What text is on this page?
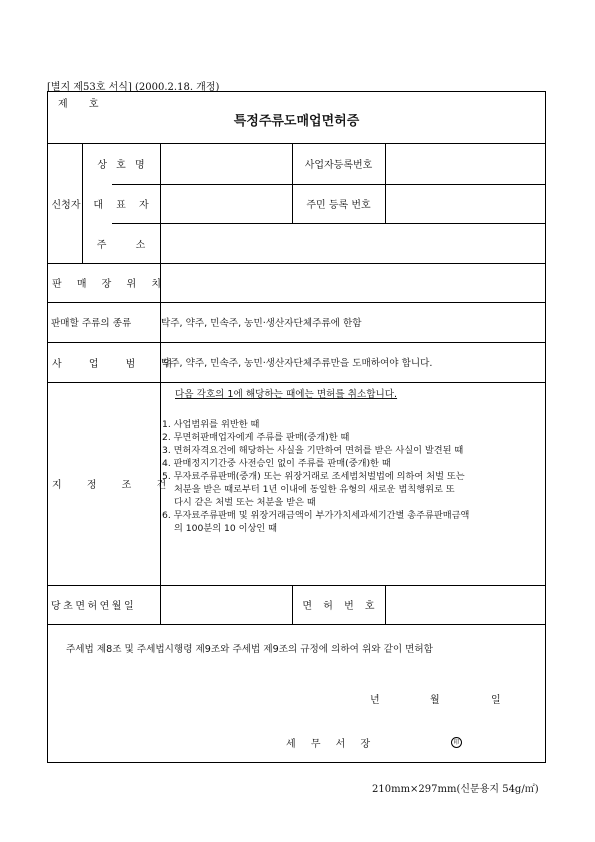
[별지 제53호 서식] (2000.2.18. 개정)
제 호
특정주류도매업면허증
신청자
상 호 명	사업자등록번호
대 표 자	주민 등록 번호
주 소
판 매 장 위 치
판매할 주류의 종류	탁주, 약주, 민속주, 농민·생산자단체주류에 한함
사 업 범 위
탁주, 약주, 민속주, 농민·생산자단체주류만을 도매하여야 합니다.
지 정 조 건
다음 각호의 1에 해당하는 때에는 면허를 취소합니다.
1. 사업범위를 위반한 때
2. 무면허판매업자에게 주류를 판매(중개)한 때
3. 면허자격요건에 해당하는 사실을 기만하여 면허를 받은 사실이 발견된 때
4. 판매정지기간중 사전승인 없이 주류를 판매(중개)한 때
5. 무자료주류판매(중개) 또는 위장거래로 조세범처벌법에 의하여 처벌 또는
처분을 받은 때로부터 1년 이내에 동일한 유형의 새로운 범칙행위로 또
다시 같은 처벌 또는 처분을 받은 때
6. 무자료주류판매 및 위장거래금액이 부가가치세과세기간별 총주류판매금액
의 100분의 10 이상인 때
당초면허연월일	면 허 번 호
주세법 제8조 및 주세법시행령 제9조와 주세법 제9조의 규정에 의하여 위와 같이 면허함
년	월	일
세 무 서 장	印
210mm×297mm(신문용지 54g/㎡)
